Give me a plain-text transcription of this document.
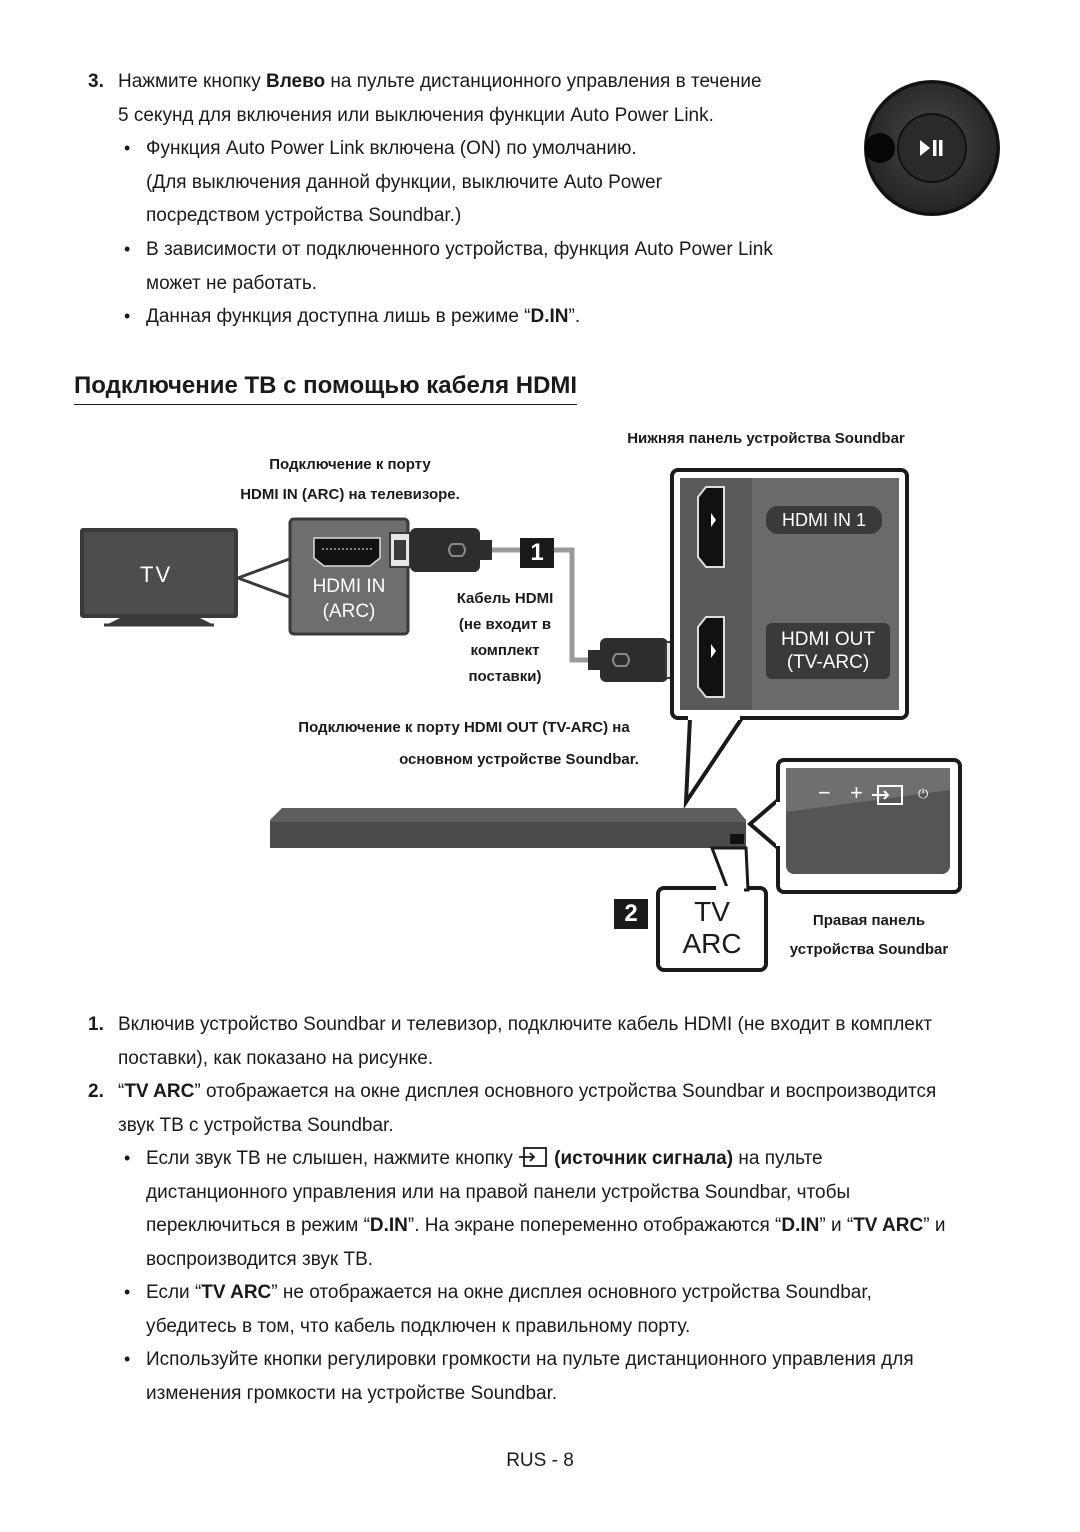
3. Нажмите кнопку Влево на пульте дистанционного управления в течение
5 секунд для включения или выключения функции Auto Power Link.
• Функция Auto Power Link включена (ON) по умолчанию.
(Для выключения данной функции, выключите Auto Power
посредством устройства Soundbar.)
• В зависимости от подключенного устройства, функция Auto Power Link
может не работать.
• Данная функция доступна лишь в режиме “D.IN”.
Подключение ТВ с помощью кабеля HDMI
Нижняя панель устройства Soundbar
Подключение к порту
HDMI IN (ARC) на телевизоре.
TV	HDMI IN
(ARC)
1
Кабель HDMI
(не входит в
комплект
поставки)
HDMI IN 1
HDMI OUT
(TV-ARC)
Подключение к порту HDMI OUT (TV-ARC) на
основном устройстве Soundbar.
− +	⏻
2	TV
ARC
Правая панель
устройства Soundbar
1. Включив устройство Soundbar и телевизор, подключите кабель HDMI (не входит в комплект
поставки), как показано на рисунке.
2. “TV ARC” отображается на окне дисплея основного устройства Soundbar и воспроизводится
звук ТВ с устройства Soundbar.
• Если звук ТВ не слышен, нажмите кнопку (источник сигнала) на пульте
дистанционного управления или на правой панели устройства Soundbar, чтобы
переключиться в режим “D.IN”. На экране попеременно отображаются “D.IN” и “TV ARC” и
воспроизводится звук ТВ.
• Если “TV ARC” не отображается на окне дисплея основного устройства Soundbar,
убедитесь в том, что кабель подключен к правильному порту.
• Используйте кнопки регулировки громкости на пульте дистанционного управления для
изменения громкости на устройстве Soundbar.
RUS - 8
